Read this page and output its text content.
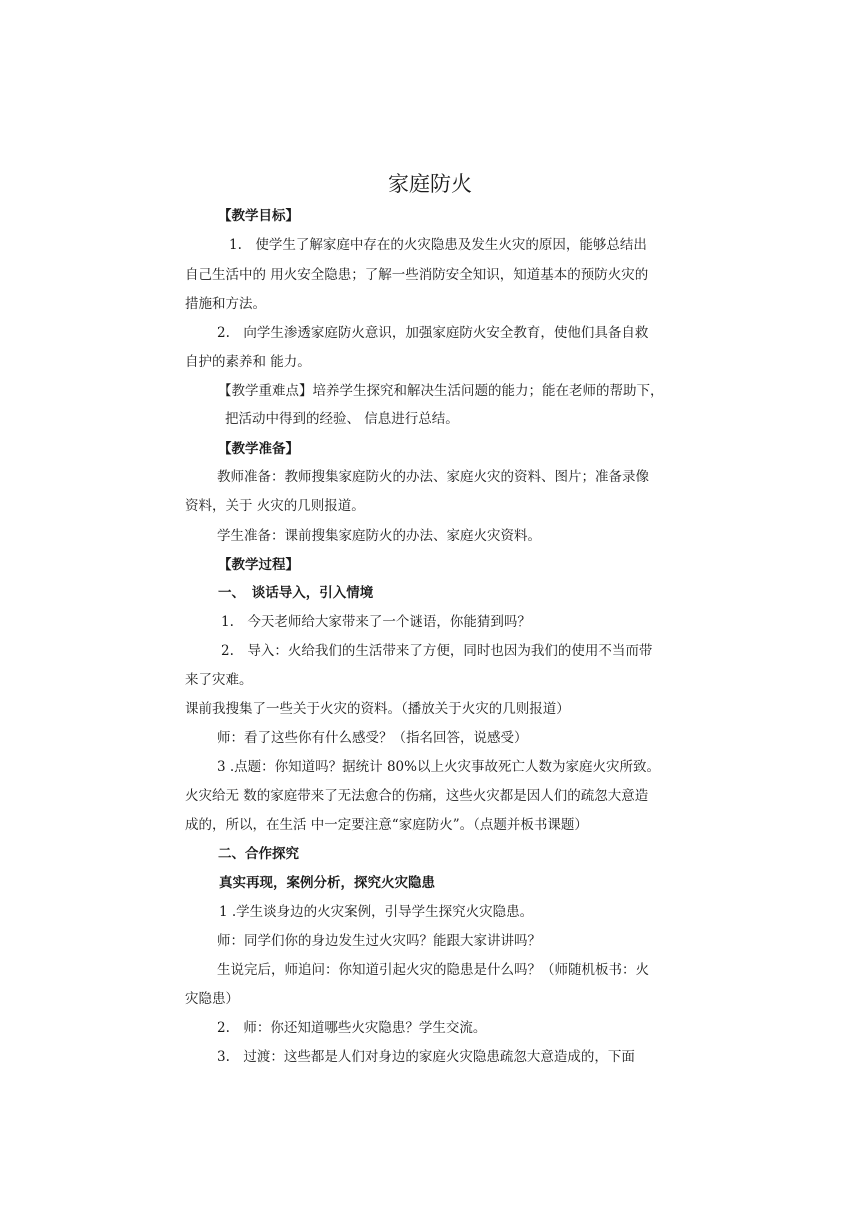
家庭防火
【教学目标】
1.　使学生了解家庭中存在的火灾隐患及发生火灾的原因，能够总结出
自己生活中的 用火安全隐患；了解一些消防安全知识，知道基本的预防火灾的
措施和方法。
2.　向学生渗透家庭防火意识，加强家庭防火安全教育，使他们具备自救
自护的素养和 能力。
【教学重难点】培养学生探究和解决生活问题的能力；能在老师的帮助下，
把活动中得到的经验、 信息进行总结。
【教学准备】
教师准备：教师搜集家庭防火的办法、家庭火灾的资料、图片；准备录像
资料，关于 火灾的几则报道。
学生准备：课前搜集家庭防火的办法、家庭火灾资料。
【教学过程】
一、　谈话导入，引入情境
1.　今天老师给大家带来了一个谜语，你能猜到吗？
2.　导入：火给我们的生活带来了方便，同时也因为我们的使用不当而带
来了灾难。
课前我搜集了一些关于火灾的资料。（播放关于火灾的几则报道）
师：看了这些你有什么感受？（指名回答，说感受）
3 .点题：你知道吗？据统计 80%以上火灾事故死亡人数为家庭火灾所致。
火灾给无 数的家庭带来了无法愈合的伤痛，这些火灾都是因人们的疏忽大意造
成的，所以，在生活 中一定要注意“家庭防火”。（点题并板书课题）
二、合作探究
真实再现，案例分析，探究火灾隐患
1 .学生谈身边的火灾案例，引导学生探究火灾隐患。
师：同学们你的身边发生过火灾吗？能跟大家讲讲吗？
生说完后，师追问：你知道引起火灾的隐患是什么吗？（师随机板书：火
灾隐患）
2.　师：你还知道哪些火灾隐患？学生交流。
3.　过渡：这些都是人们对身边的家庭火灾隐患疏忽大意造成的，下面
